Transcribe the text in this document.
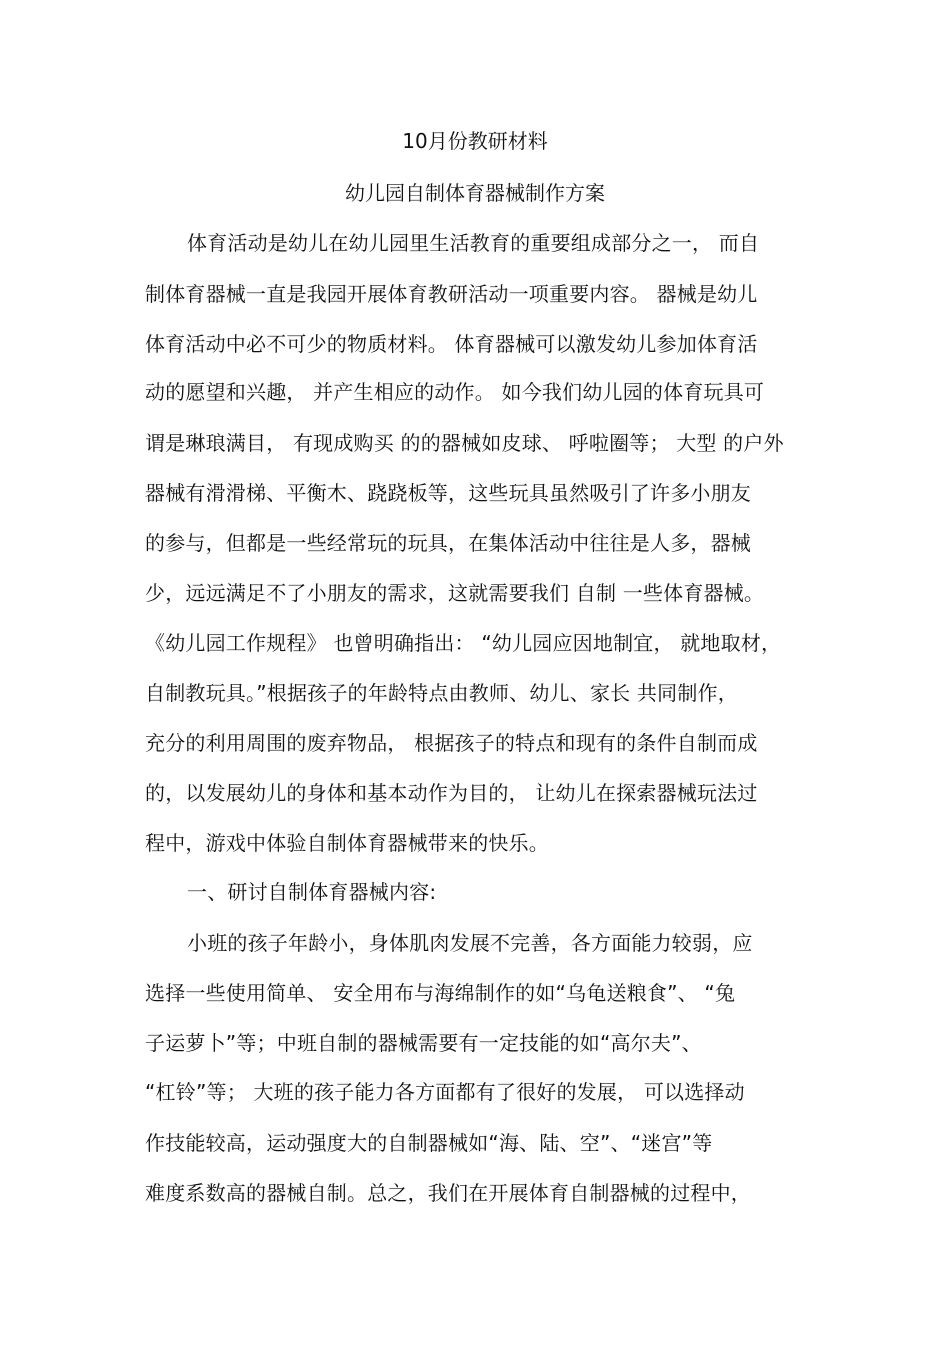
10月份教研材料
幼儿园自制体育器械制作方案
体育活动是幼儿在幼儿园里生活教育的重要组成部分之一， 而自
制体育器械一直是我园开展体育教研活动一项重要内容。 器械是幼儿
体育活动中必不可少的物质材料。 体育器械可以激发幼儿参加体育活
动的愿望和兴趣， 并产生相应的动作。 如今我们幼儿园的体育玩具可
谓是琳琅满目， 有现成购买 的的器械如皮球、 呼啦圈等； 大型 的户外
器械有滑滑梯、平衡木、跷跷板等，这些玩具虽然吸引了许多小朋友
的参与，但都是一些经常玩的玩具，在集体活动中往往是人多，器械
少，远远满足不了小朋友的需求，这就需要我们 自制 一些体育器械。
《幼儿园工作规程》 也曾明确指出： “幼儿园应因地制宜， 就地取材，
自制教玩具。”根据孩子的年龄特点由教师、幼儿、家长 共同制作，
充分的利用周围的废弃物品， 根据孩子的特点和现有的条件自制而成
的，以发展幼儿的身体和基本动作为目的， 让幼儿在探索器械玩法过
程中，游戏中体验自制体育器械带来的快乐。
一、研讨自制体育器械内容:
小班的孩子年龄小，身体肌肉发展不完善，各方面能力较弱，应
选择一些使用简单、 安全用布与海绵制作的如“乌龟送粮食”、 “兔
子运萝卜”等；中班自制的器械需要有一定技能的如“高尔夫”、
“杠铃”等； 大班的孩子能力各方面都有了很好的发展， 可以选择动
作技能较高，运动强度大的自制器械如“海、陆、空”、“迷宫”等
难度系数高的器械自制。总之，我们在开展体育自制器械的过程中，
